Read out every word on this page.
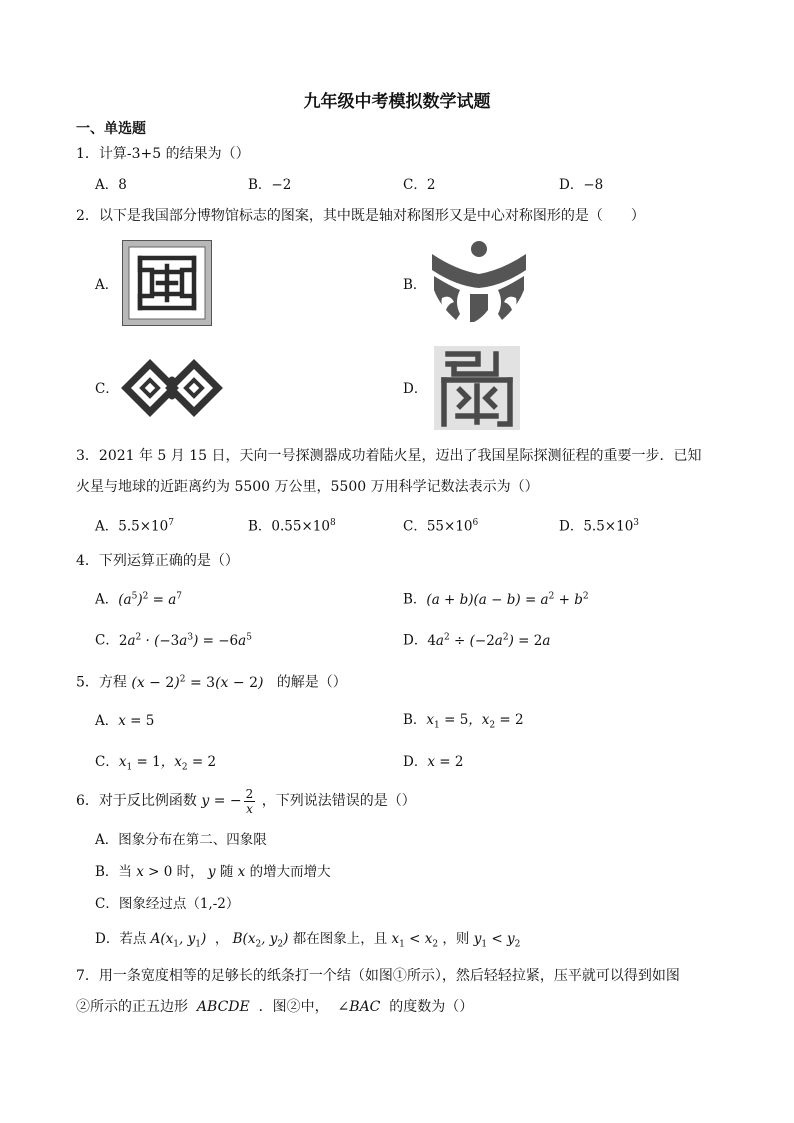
九年级中考模拟数学试题
一、单选题
1．计算-3+5 的结果为（）
A．8	B．−2	C．2	D．−8
2．以下是我国部分博物馆标志的图案，其中既是轴对称图形又是中心对称图形的是（　　）
A．	B．
C．	D．
3．2021 年 5 月 15 日，天向一号探测器成功着陆火星，迈出了我国星际探测征程的重要一步．已知
火星与地球的近距离约为 5500 万公里，5500 万用科学记数法表示为（）
A．$5.5\times 10^7$	B．$0.55\times 10^8$	C．$55\times 10^6$	D．$5.5\times 10^3$
4．下列运算正确的是（）
A．$(a^5)^2 = a^7$	B．$(a + b)(a - b) = a^2 + b^2$
C．$2a^2 \cdot (-3a^3) = -6a^5$	D．$4a^2 \div (-2a^2) = 2a$
5．方程 $(x - 2)^2 = 3(x - 2)$ 的解是（）
A．x = 5	B．$x_1 = 5$，$x_2 = 2$
C．$x_1 = 1$，$x_2 = 2$	D．x = 2
6．对于反比例函数 y = − $\frac{2}{x}$ ，下列说法错误的是（）
A．图象分布在第二、四象限
B．当 x > 0 时， y 随 x 的增大而增大
C．图象经过点（1,-2）
D．若点 $A(x_1$, $y_1$) ， $B(x_2$, $y_2$) 都在图象上，且 $x_1 < x_2$ ，则 $y_1 < y_2$
7．用一条宽度相等的足够长的纸条打一个结（如图①所示），然后轻轻拉紧，压平就可以得到如图
②所示的正五边形 ABCDE ．图②中， ∠BAC 的度数为（）
